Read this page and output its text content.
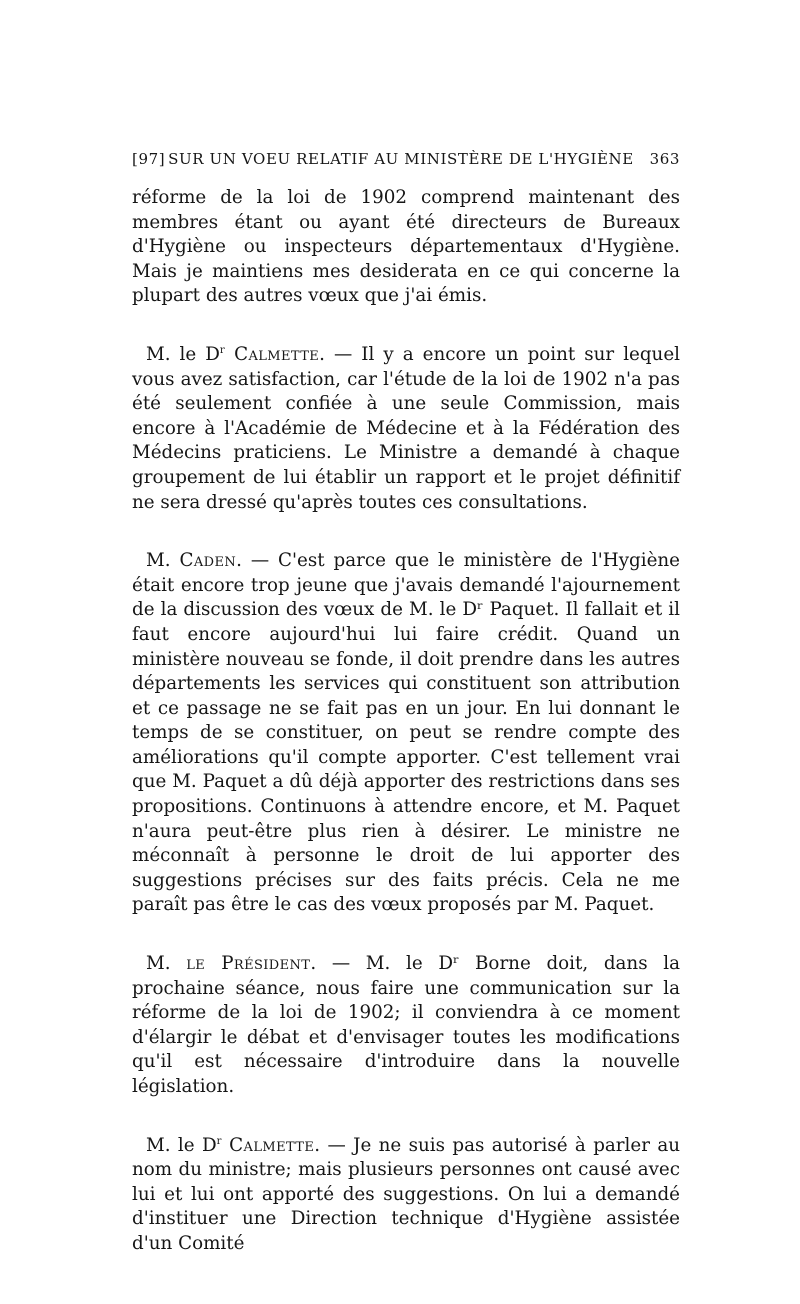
[97] SUR UN VOEU RELATIF AU MINISTÈRE DE L'HYGIÈNE	363

réforme de la loi de 1902 comprend maintenant des membres étant ou ayant été directeurs de Bureaux d'Hygiène ou inspecteurs départementaux d'Hygiène. Mais je maintiens mes desiderata en ce qui concerne la plupart des autres vœux que j'ai émis.

M. le $D^r$ Calmette. — Il y a encore un point sur lequel vous avez satisfaction, car l'étude de la loi de 1902 n'a pas été seulement confiée à une seule Commission, mais encore à l'Académie de Médecine et à la Fédération des Médecins praticiens. Le Ministre a demandé à chaque groupement de lui établir un rapport et le projet définitif ne sera dressé qu'après toutes ces consultations.

M. Caden. — C'est parce que le ministère de l'Hygiène était encore trop jeune que j'avais demandé l'ajournement de la discussion des vœux de M. le Dʳ Paquet. Il fallait et il faut encore aujourd'hui lui faire crédit. Quand un ministère nouveau se fonde, il doit prendre dans les autres départements les services qui constituent son attribution et ce passage ne se fait pas en un jour. En lui donnant le temps de se constituer, on peut se rendre compte des améliorations qu'il compte apporter. C'est tellement vrai que M. Paquet a dû déjà apporter des restrictions dans ses propositions. Continuons à attendre encore, et M. Paquet n'aura peut-être plus rien à désirer. Le ministre ne méconnaît à personne le droit de lui apporter des suggestions précises sur des faits précis. Cela ne me paraît pas être le cas des vœux proposés par M. Paquet.

M. le Président. — M. le Dʳ Borne doit, dans la prochaine séance, nous faire une communication sur la réforme de la loi de 1902; il conviendra à ce moment d'élargir le débat et d'envisager toutes les modifications qu'il est nécessaire d'introduire dans la nouvelle législation.

M. le $D^r$ Calmette. — Je ne suis pas autorisé à parler au nom du ministre; mais plusieurs personnes ont causé avec lui et lui ont apporté des suggestions. On lui a demandé d'instituer une Direction technique d'Hygiène assistée d'un Comité
